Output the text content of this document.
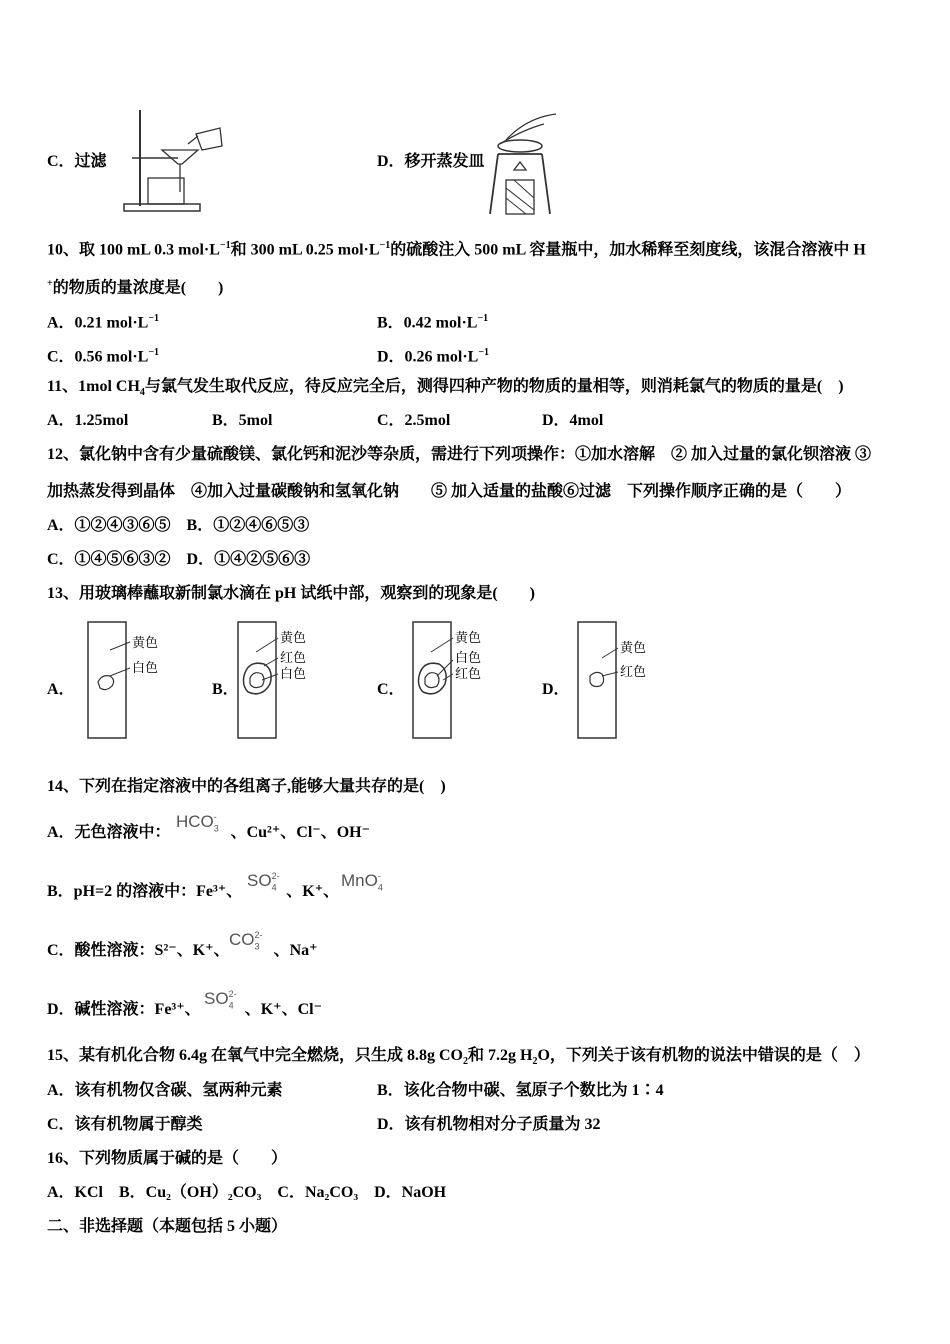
C．过滤	D．移开蒸发皿
10、取 100 mL 0.3 $mol\cdot L^{-1}$和 300 mL 0.25 $mol\cdot L^{-1}$的硫酸注入 500 mL 容量瓶中，加水稀释至刻度线，该混合溶液中 H
+的物质的量浓度是(　　)
A．0.21 $mol\cdot L^{-1}$	B．0.42 $mol\cdot L^{-1}$
C．0.56 $mol\cdot L^{-1}$	D．0.26 $mol\cdot L^{-1}$
11、1mol $CH_4$与氯气发生取代反应，待反应完全后，测得四种产物的物质的量相等，则消耗氯气的物质的量是(　)
A．1.25mol	B．5mol	C．2.5mol	D．4mol
12、氯化钠中含有少量硫酸镁、氯化钙和泥沙等杂质，需进行下列项操作：①加水溶解　② 加入过量的氯化钡溶液 ③
加热蒸发得到晶体　④加入过量碳酸钠和氢氧化钠　　⑤ 加入适量的盐酸⑥过滤　下列操作顺序正确的是（　　）
A．①②④③⑥⑤　B．①②④⑥⑤③
C．①④⑤⑥③②　D．①④②⑤⑥③
13、用玻璃棒蘸取新制氯水滴在 pH 试纸中部，观察到的现象是(　　)
A．
黄色
白色
B．
黄色
红色
白色
C．
黄色
白色
红色
D．
黄色
红色
14、下列在指定溶液中的各组离子,能够大量共存的是(　)
A．无色溶液中：	、Cu²⁺、Cl⁻、OH⁻
$HCO_3^-$
B．pH=2 的溶液中：Fe³⁺、	、K⁺、
$SO_4^{2-}$	MnO$_4$-
C．酸性溶液：S²⁻、K⁺、	、Na⁺
$CO_3^{2-}$
D．碱性溶液：Fe³⁺、	、K⁺、Cl⁻
$SO_4^{2-}$
15、某有机化合物 6.4g 在氧气中完全燃烧，只生成 8.8g $CO_2$和 7.2g $H_2O$，下列关于该有机物的说法中错误的是（　）
A．该有机物仅含碳、氢两种元素	B．该化合物中碳、氢原子个数比为 1∶4
C．该有机物属于醇类	D．该有机物相对分子质量为 32
16、下列物质属于碱的是（　　）
A．KCl　B．Cu₂（OH）₂CO₃　C．Na₂CO₃　D．NaOH
二、非选择题（本题包括 5 小题）
